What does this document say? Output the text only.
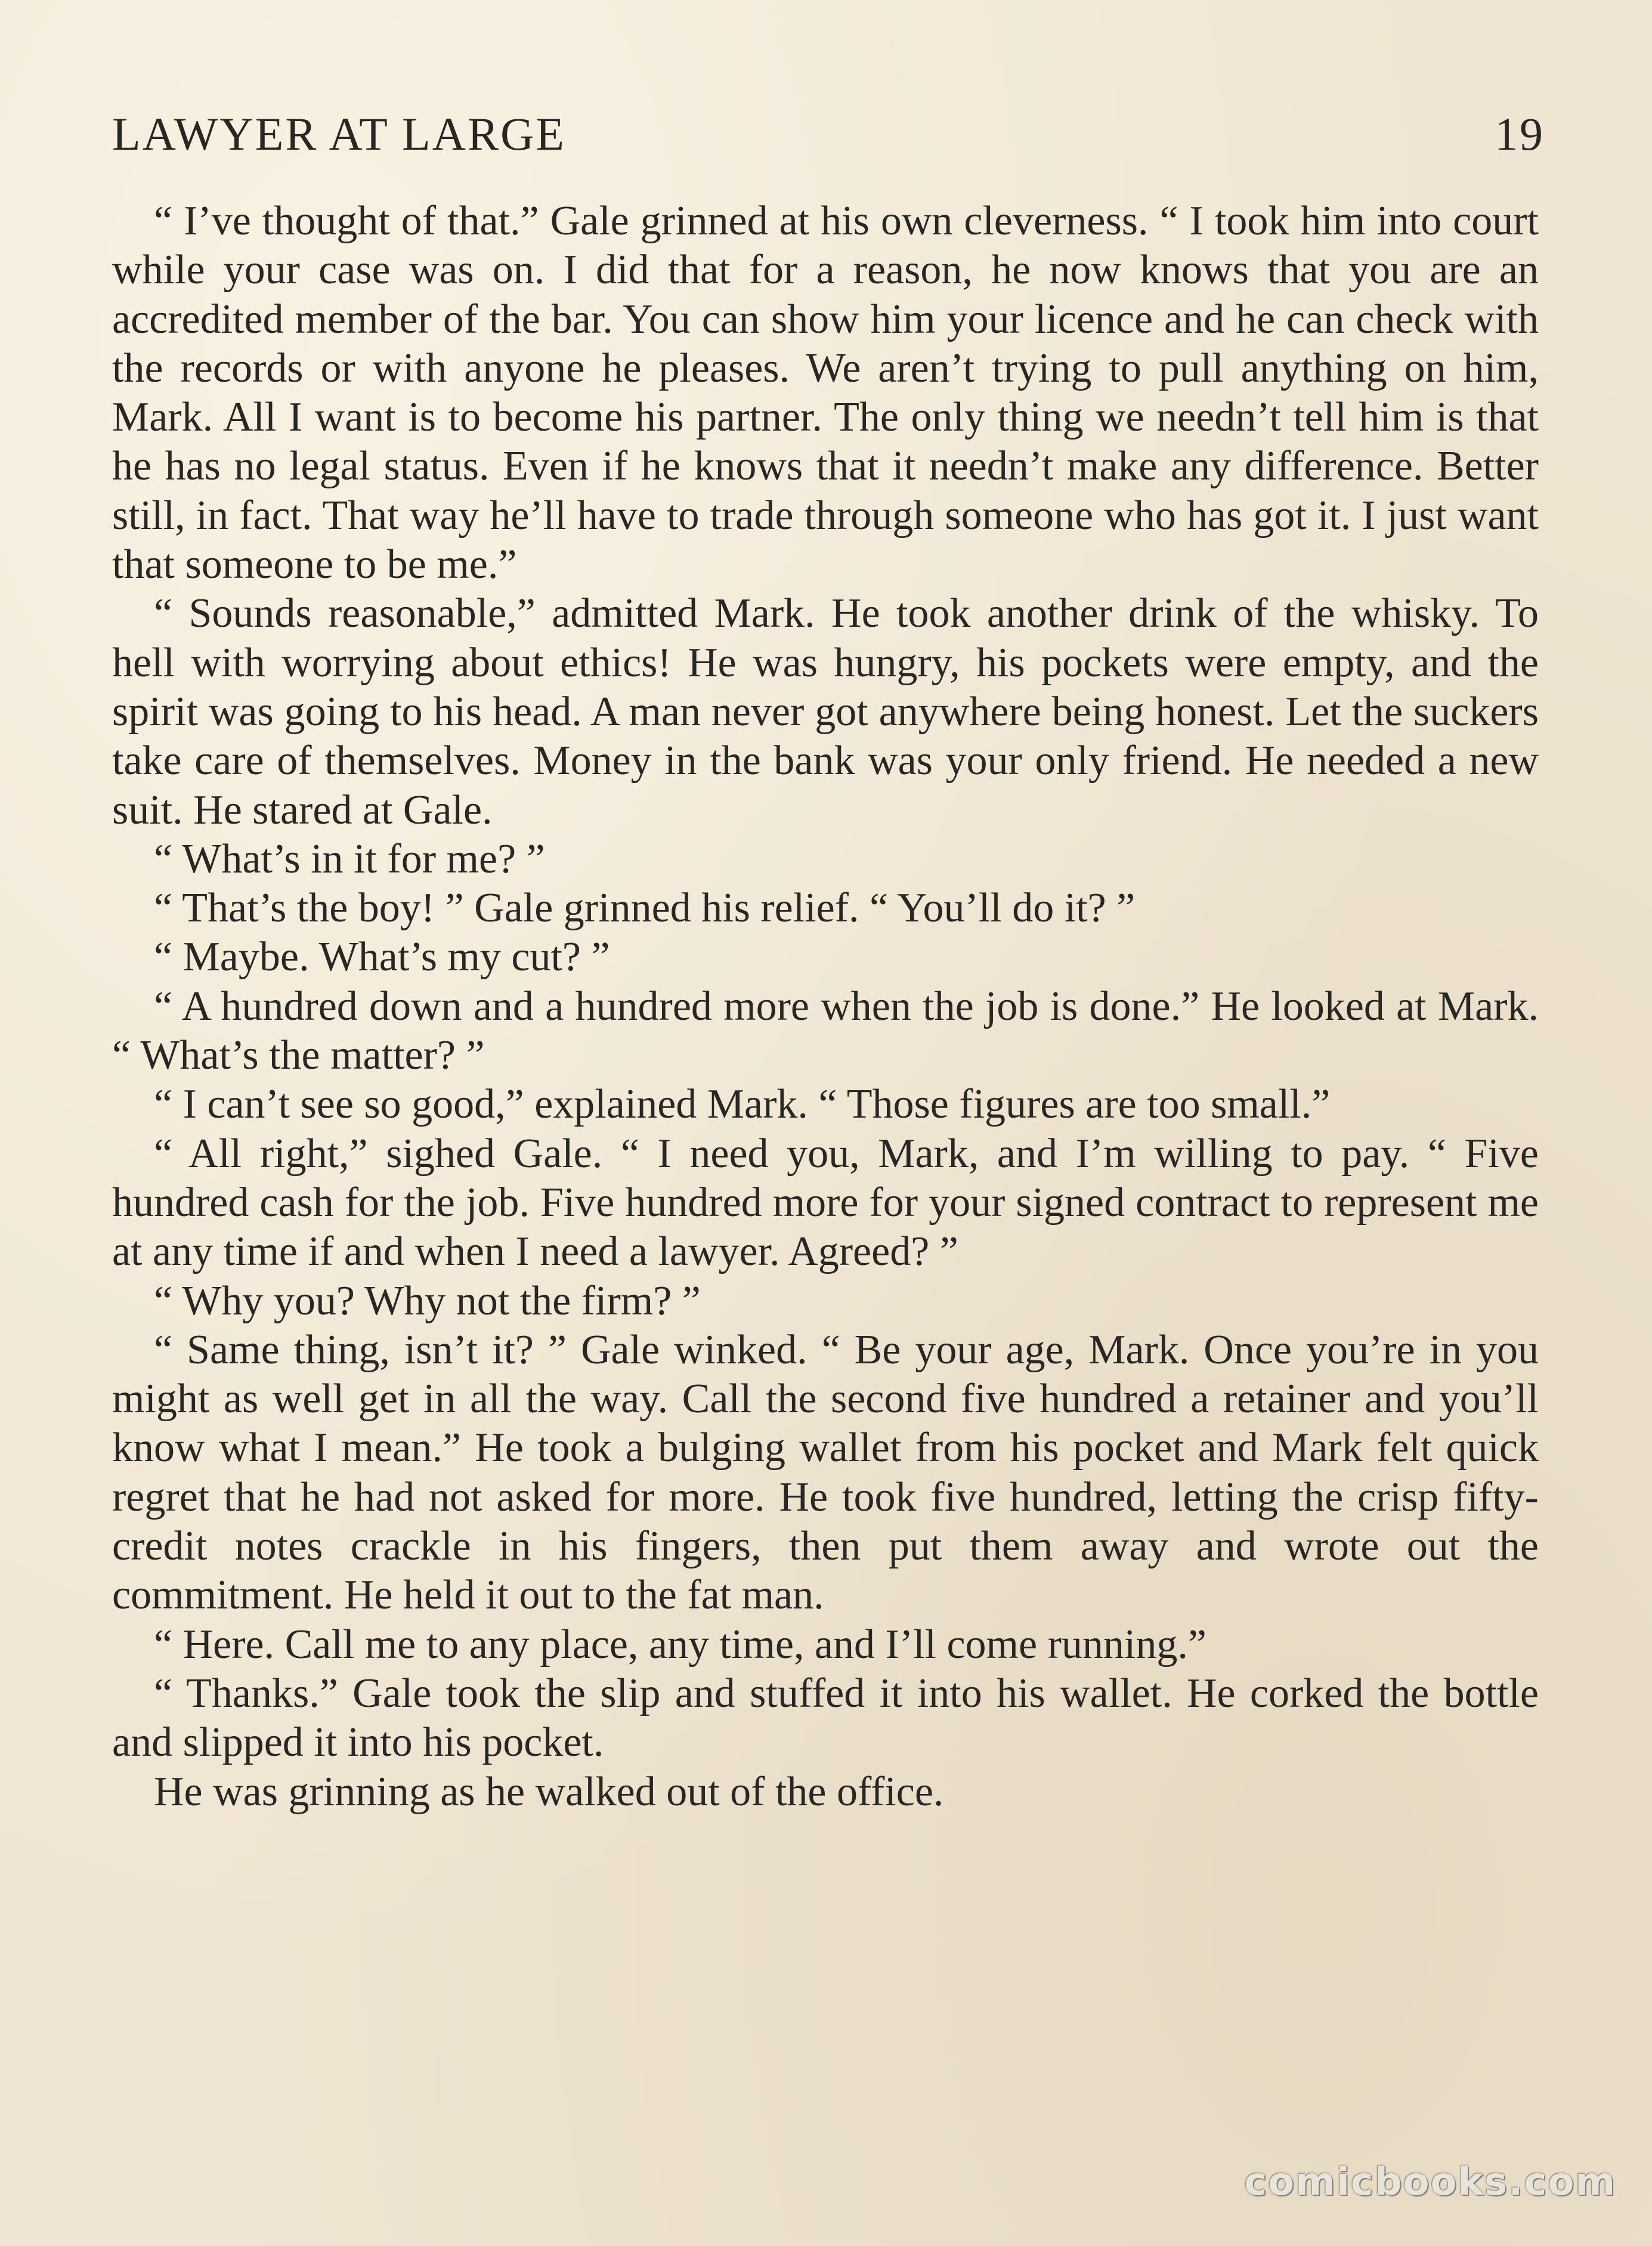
LAWYER AT LARGE	19

“ I’ve thought of that.” Gale grinned at his own cleverness. “ I took him into court while your case was on. I did that for a reason, he now knows that you are an accredited member of the bar. You can show him your licence and he can check with the records or with anyone he pleases. We aren’t trying to pull anything on him, Mark. All I want is to become his partner. The only thing we needn’t tell him is that he has no legal status. Even if he knows that it needn’t make any difference. Better still, in fact. That way he’ll have to trade through someone who has got it. I just want that someone to be me.”

“ Sounds reasonable,” admitted Mark. He took another drink of the whisky. To hell with worrying about ethics! He was hungry, his pockets were empty, and the spirit was going to his head. A man never got anywhere being honest. Let the suckers take care of themselves. Money in the bank was your only friend. He needed a new suit. He stared at Gale.

“ What’s in it for me? ”

“ That’s the boy! ” Gale grinned his relief. “ You’ll do it? ”

“ Maybe. What’s my cut? ”

“ A hundred down and a hundred more when the job is done.” He looked at Mark. “ What’s the matter? ”

“ I can’t see so good,” explained Mark. “ Those figures are too small.”

“ All right,” sighed Gale. “ I need you, Mark, and I’m willing to pay. “ Five hundred cash for the job. Five hundred more for your signed contract to represent me at any time if and when I need a lawyer. Agreed? ”

“ Why you? Why not the firm? ”

“ Same thing, isn’t it? ” Gale winked. “ Be your age, Mark. Once you’re in you might as well get in all the way. Call the second five hundred a retainer and you’ll know what I mean.” He took a bulging wallet from his pocket and Mark felt quick regret that he had not asked for more. He took five hundred, letting the crisp fifty-credit notes crackle in his fingers, then put them away and wrote out the commitment. He held it out to the fat man.

“ Here. Call me to any place, any time, and I’ll come running.”

“ Thanks.” Gale took the slip and stuffed it into his wallet. He corked the bottle and slipped it into his pocket.

He was grinning as he walked out of the office.

comicbooks.com
